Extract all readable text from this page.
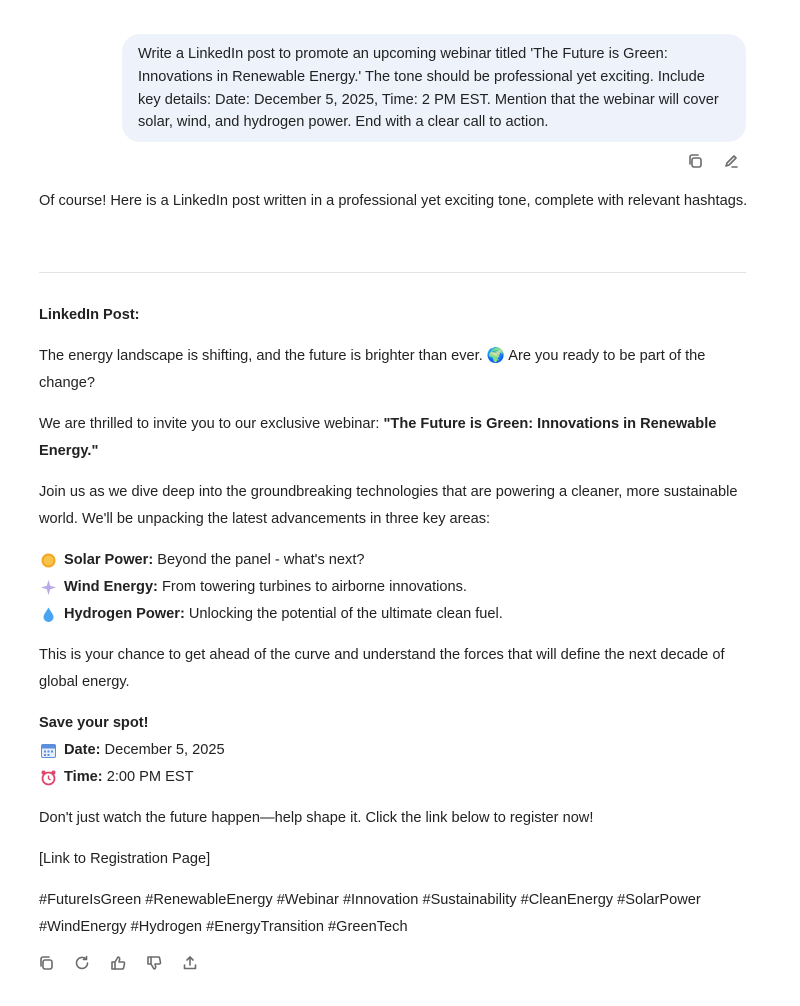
Write a LinkedIn post to promote an upcoming webinar titled 'The Future is Green: Innovations in Renewable Energy.' The tone should be professional yet exciting. Include key details: Date: December 5, 2025, Time: 2 PM EST. Mention that the webinar will cover solar, wind, and hydrogen power. End with a clear call to action.

Of course! Here is a LinkedIn post written in a professional yet exciting tone, complete with relevant hashtags.

LinkedIn Post:

The energy landscape is shifting, and the future is brighter than ever. 🌍 Are you ready to be part of the change?

We are thrilled to invite you to our exclusive webinar: "The Future is Green: Innovations in Renewable Energy."

Join us as we dive deep into the groundbreaking technologies that are powering a cleaner, more sustainable world. We'll be unpacking the latest advancements in three key areas:

Solar Power: Beyond the panel - what's next?
Wind Energy: From towering turbines to airborne innovations.
Hydrogen Power: Unlocking the potential of the ultimate clean fuel.

This is your chance to get ahead of the curve and understand the forces that will define the next decade of global energy.

Save your spot!
Date: December 5, 2025
Time: 2:00 PM EST

Don't just watch the future happen—help shape it. Click the link below to register now!

[Link to Registration Page]

#FutureIsGreen #RenewableEnergy #Webinar #Innovation #Sustainability #CleanEnergy #SolarPower #WindEnergy #Hydrogen #EnergyTransition #GreenTech
